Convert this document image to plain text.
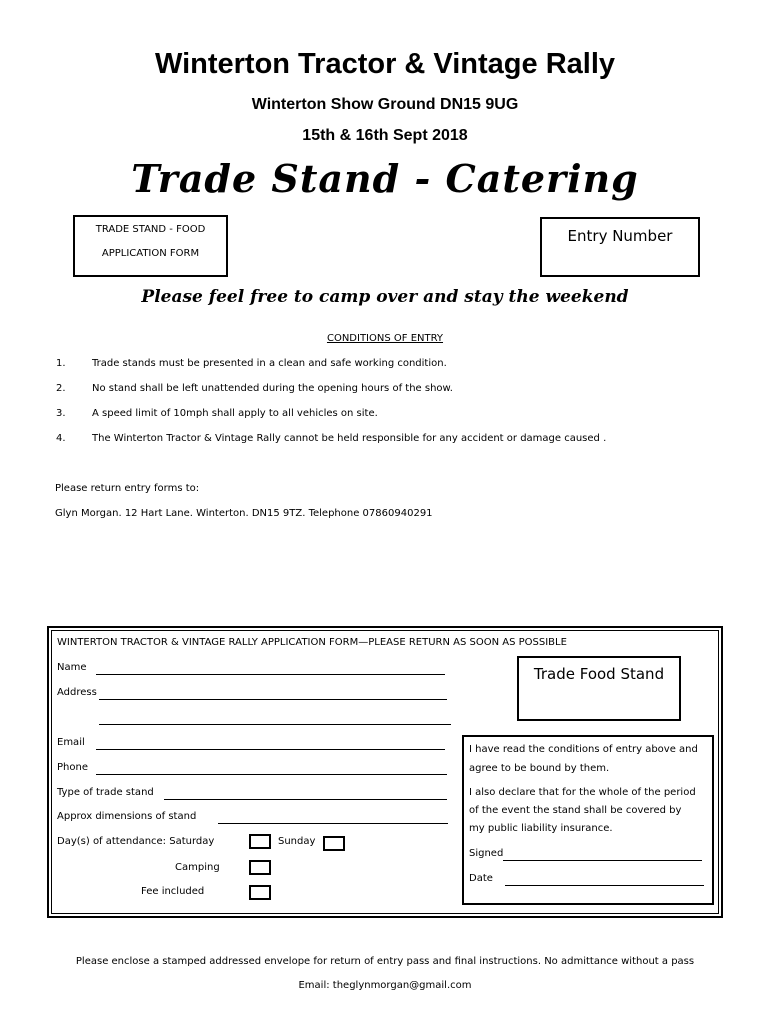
Winterton Tractor & Vintage Rally
Winterton Show Ground DN15 9UG
15th & 16th Sept 2018
Trade Stand - Catering
TRADE STAND - FOOD
APPLICATION FORM
Entry Number
Please feel free to camp over and stay the weekend
CONDITIONS OF ENTRY
1.	Trade stands must be presented in a clean and safe working condition.
2.	No stand shall be left unattended during the opening hours of the show.
3.	A speed limit of 10mph shall apply to all vehicles on site.
4.	The Winterton Tractor & Vintage Rally cannot be held responsible for any accident or damage caused .
Please return entry forms to:
Glyn Morgan. 12 Hart Lane. Winterton. DN15 9TZ. Telephone 07860940291
WINTERTON TRACTOR & VINTAGE RALLY APPLICATION FORM—PLEASE RETURN AS SOON AS POSSIBLE
Trade Food Stand
Name
Address
Email
Phone
Type of trade stand
Approx dimensions of stand
Day(s) of attendance: Saturday	Sunday
Camping
Fee included
I have read the conditions of entry above and
agree to be bound by them.
I also declare that for the whole of the period
of the event the stand shall be covered by
my public liability insurance.
Signed
Date
Please enclose a stamped addressed envelope for return of entry pass and final instructions. No admittance without a pass
Email: theglynmorgan@gmail.com
